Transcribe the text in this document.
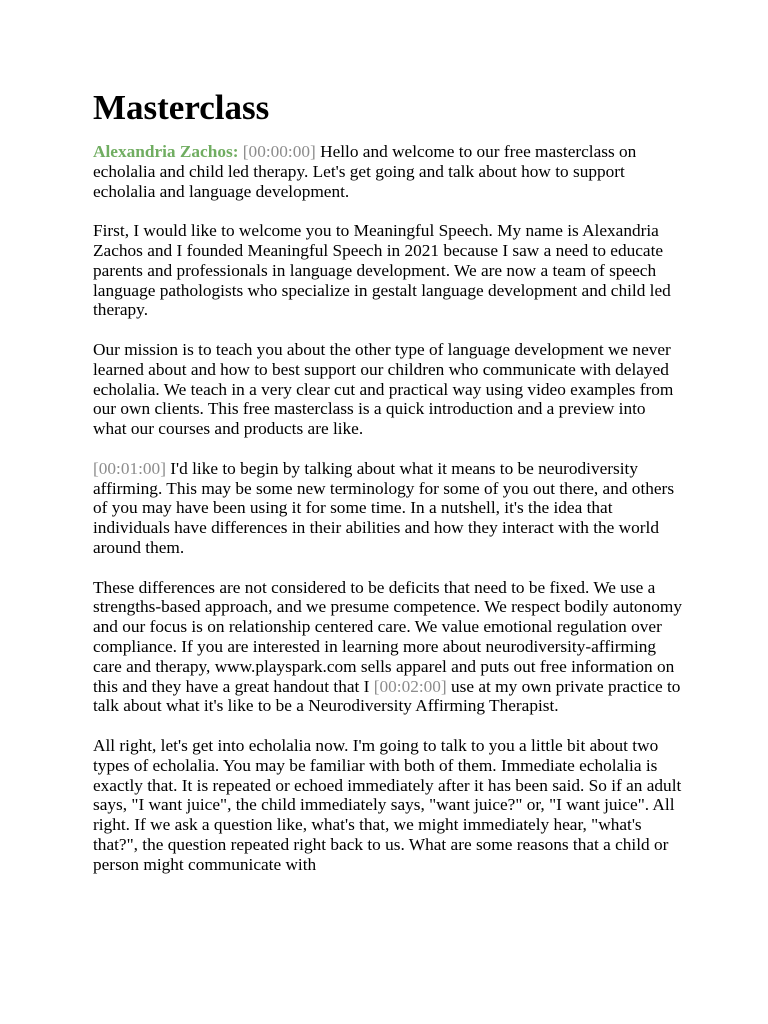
Masterclass

Alexandria Zachos: [00:00:00] Hello and welcome to our free masterclass on echolalia and child led therapy. Let's get going and talk about how to support echolalia and language development.

First, I would like to welcome you to Meaningful Speech. My name is Alexandria Zachos and I founded Meaningful Speech in 2021 because I saw a need to educate parents and professionals in language development. We are now a team of speech language pathologists who specialize in gestalt language development and child led therapy.

Our mission is to teach you about the other type of language development we never learned about and how to best support our children who communicate with delayed echolalia. We teach in a very clear cut and practical way using video examples from our own clients. This free masterclass is a quick introduction and a preview into what our courses and products are like.

[00:01:00] I'd like to begin by talking about what it means to be neurodiversity affirming. This may be some new terminology for some of you out there, and others of you may have been using it for some time. In a nutshell, it's the idea that individuals have differences in their abilities and how they interact with the world around them.

These differences are not considered to be deficits that need to be fixed. We use a strengths-based approach, and we presume competence. We respect bodily autonomy and our focus is on relationship centered care. We value emotional regulation over compliance. If you are interested in learning more about neurodiversity-affirming care and therapy, www.playspark.com sells apparel and puts out free information on this and they have a great handout that I [00:02:00] use at my own private practice to talk about what it's like to be a Neurodiversity Affirming Therapist.

All right, let's get into echolalia now. I'm going to talk to you a little bit about two types of echolalia. You may be familiar with both of them. Immediate echolalia is exactly that. It is repeated or echoed immediately after it has been said. So if an adult says, "I want juice", the child immediately says, "want juice?" or, "I want juice". All right. If we ask a question like, what's that, we might immediately hear, "what's that?", the question repeated right back to us. What are some reasons that a child or person might communicate with
